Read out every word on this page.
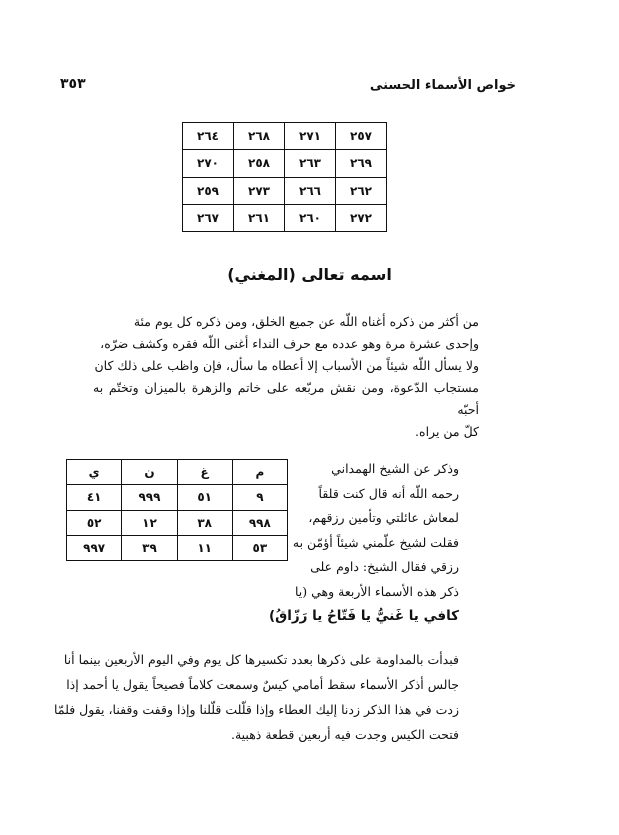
خواص الأسماء الحسنى
٣٥٣
٢٥٧	٢٧١	٢٦٨	٢٦٤
٢٦٩	٢٦٣	٢٥٨	٢٧٠
٢٦٢	٢٦٦	٢٧٣	٢٥٩
٢٧٢	٢٦٠	٢٦١	٢٦٧
اسمه تعالى (المغني)
من أكثر من ذكره أغناه اللّه عن جميع الخلق، ومن ذكره كل يوم مئة
وإحدى عشرة مرة وهو عدده مع حرف النداء أغنى اللّه فقره وكشف ضرّه،
ولا يسأل اللّه شيئاً من الأسباب إلا أعطاه ما سأل، فإن واظب على ذلك كان
مستجاب الدّعوة، ومن نقش مربّعه على خاتم والزهرة بالميزان وتختّم به أحبّه
كلّ من يراه.
م	غ	ن	ي
٩	٥١	٩٩٩	٤١
٩٩٨	٣٨	١٢	٥٢
٥٣	١١	٣٩	٩٩٧
وذكر عن الشيخ الهمداني
رحمه اللّه أنه قال كنت قلقاً
لمعاش عائلتي وتأمين رزقهم،
فقلت لشيخ علّمني شيئاً أؤمّن به
رزقي فقال الشيخ: داوم على
ذكر هذه الأسماء الأربعة وهي (يا
كافي يا غَنيُّ يا فَتّاحُ يا رَزّاقُ)
فبدأت بالمداومة على ذكرها بعدد تكسيرها كل يوم وفي اليوم الأربعين بينما أنا
جالس أذكر الأسماء سقط أمامي كيسٌ وسمعت كلاماً فصيحاً يقول يا أحمد إذا
زدت في هذا الذكر زدنا إليك العطاء وإذا قلّلت قلّلنا وإذا وقفت وقفنا، يقول فلمّا
فتحت الكيس وجدت فيه أربعين قطعة ذهبية.
